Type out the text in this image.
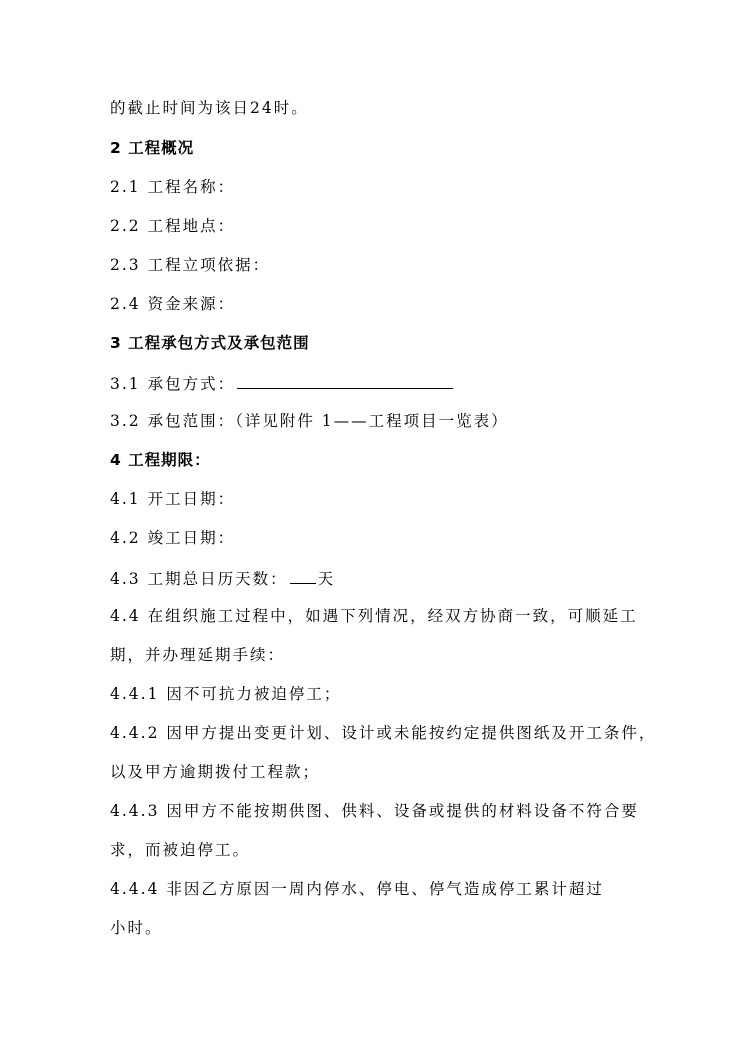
的截止时间为该日24时。
2 工程概况
2.1 工程名称：
2.2 工程地点：
2.3 工程立项依据：
2.4 资金来源：
3 工程承包方式及承包范围
3.1 承包方式：
3.2 承包范围：（详见附件 1——工程项目一览表）
4 工程期限：
4.1 开工日期：
4.2 竣工日期：
4.3 工期总日历天数： 天
4.4 在组织施工过程中，如遇下列情况，经双方协商一致，可顺延工
期，并办理延期手续：
4.4.1 因不可抗力被迫停工；
4.4.2 因甲方提出变更计划、设计或未能按约定提供图纸及开工条件，
以及甲方逾期拨付工程款；
4.4.3 因甲方不能按期供图、供料、设备或提供的材料设备不符合要
求，而被迫停工。
4.4.4 非因乙方原因一周内停水、停电、停气造成停工累计超过
小时。
